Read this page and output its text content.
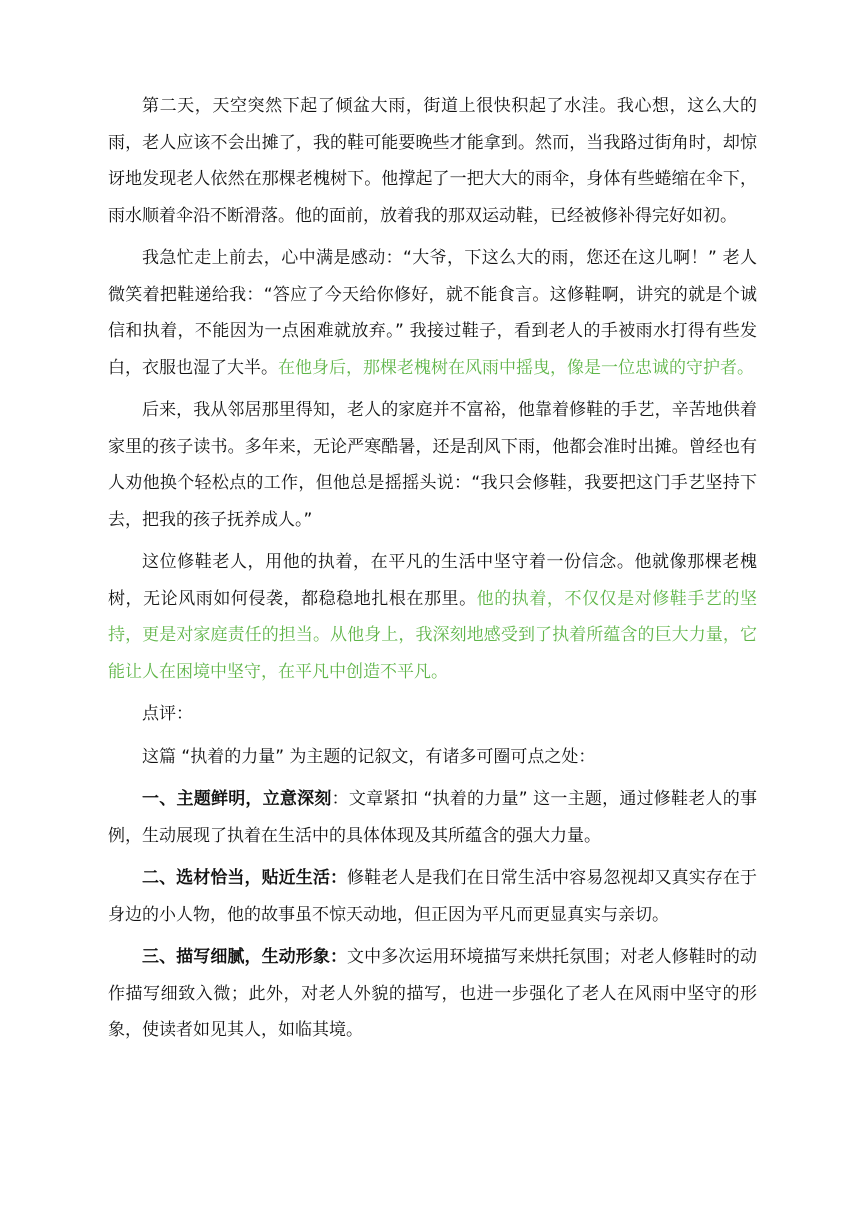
第二天，天空突然下起了倾盆大雨，街道上很快积起了水洼。我心想，这么大的雨，老人应该不会出摊了，我的鞋可能要晚些才能拿到。然而，当我路过街角时，却惊讶地发现老人依然在那棵老槐树下。他撑起了一把大大的雨伞，身体有些蜷缩在伞下，雨水顺着伞沿不断滑落。他的面前，放着我的那双运动鞋，已经被修补得完好如初。

我急忙走上前去，心中满是感动：“大爷，下这么大的雨，您还在这儿啊！” 老人微笑着把鞋递给我：“答应了今天给你修好，就不能食言。这修鞋啊，讲究的就是个诚信和执着，不能因为一点困难就放弃。” 我接过鞋子，看到老人的手被雨水打得有些发白，衣服也湿了大半。在他身后，那棵老槐树在风雨中摇曳，像是一位忠诚的守护者。

后来，我从邻居那里得知，老人的家庭并不富裕，他靠着修鞋的手艺，辛苦地供着家里的孩子读书。多年来，无论严寒酷暑，还是刮风下雨，他都会准时出摊。曾经也有人劝他换个轻松点的工作，但他总是摇摇头说：“我只会修鞋，我要把这门手艺坚持下去，把我的孩子抚养成人。”

这位修鞋老人，用他的执着，在平凡的生活中坚守着一份信念。他就像那棵老槐树，无论风雨如何侵袭，都稳稳地扎根在那里。他的执着，不仅仅是对修鞋手艺的坚持，更是对家庭责任的担当。从他身上，我深刻地感受到了执着所蕴含的巨大力量，它能让人在困境中坚守，在平凡中创造不平凡。

点评：

这篇 “执着的力量” 为主题的记叙文，有诸多可圈可点之处：

一、主题鲜明，立意深刻：文章紧扣 “执着的力量” 这一主题，通过修鞋老人的事例，生动展现了执着在生活中的具体体现及其所蕴含的强大力量。

二、选材恰当，贴近生活：修鞋老人是我们在日常生活中容易忽视却又真实存在于身边的小人物，他的故事虽不惊天动地，但正因为平凡而更显真实与亲切。

三、描写细腻，生动形象：文中多次运用环境描写来烘托氛围；对老人修鞋时的动作描写细致入微；此外，对老人外貌的描写，也进一步强化了老人在风雨中坚守的形象，使读者如见其人，如临其境。
